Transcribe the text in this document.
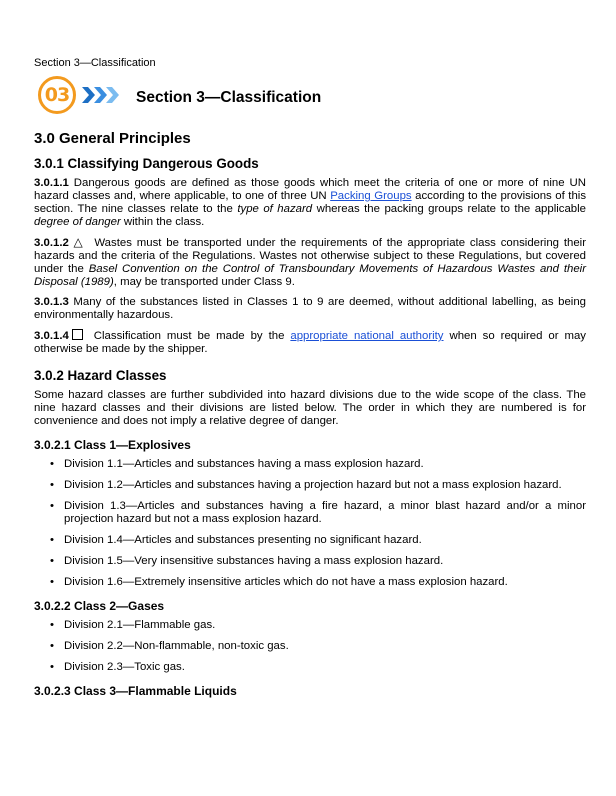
Section 3—Classification
03	Section 3—Classification
3.0 General Principles
3.0.1 Classifying Dangerous Goods

3.0.1.1 Dangerous goods are defined as those goods which meet the criteria of one or more of nine UN hazard classes and, where applicable, to one of three UN Packing Groups according to the provisions of this section. The nine classes relate to the type of hazard whereas the packing groups relate to the applicable degree of danger within the class.

3.0.1.2 △ Wastes must be transported under the requirements of the appropriate class considering their hazards and the criteria of the Regulations. Wastes not otherwise subject to these Regulations, but covered under the Basel Convention on the Control of Transboundary Movements of Hazardous Wastes and their Disposal (1989), may be transported under Class 9.

3.0.1.3 Many of the substances listed in Classes 1 to 9 are deemed, without additional labelling, as being environmentally hazardous.

3.0.1.4 Classification must be made by the appropriate national authority when so required or may otherwise be made by the shipper.

3.0.2 Hazard Classes

Some hazard classes are further subdivided into hazard divisions due to the wide scope of the class. The nine hazard classes and their divisions are listed below. The order in which they are numbered is for convenience and does not imply a relative degree of danger.

3.0.2.1 Class 1—Explosives
• Division 1.1—Articles and substances having a mass explosion hazard.
• Division 1.2—Articles and substances having a projection hazard but not a mass explosion hazard.
• Division 1.3—Articles and substances having a fire hazard, a minor blast hazard and/or a minor projection hazard but not a mass explosion hazard.
• Division 1.4—Articles and substances presenting no significant hazard.
• Division 1.5—Very insensitive substances having a mass explosion hazard.
• Division 1.6—Extremely insensitive articles which do not have a mass explosion hazard.
3.0.2.2 Class 2—Gases
• Division 2.1—Flammable gas.
• Division 2.2—Non-flammable, non-toxic gas.
• Division 2.3—Toxic gas.
3.0.2.3 Class 3—Flammable Liquids
